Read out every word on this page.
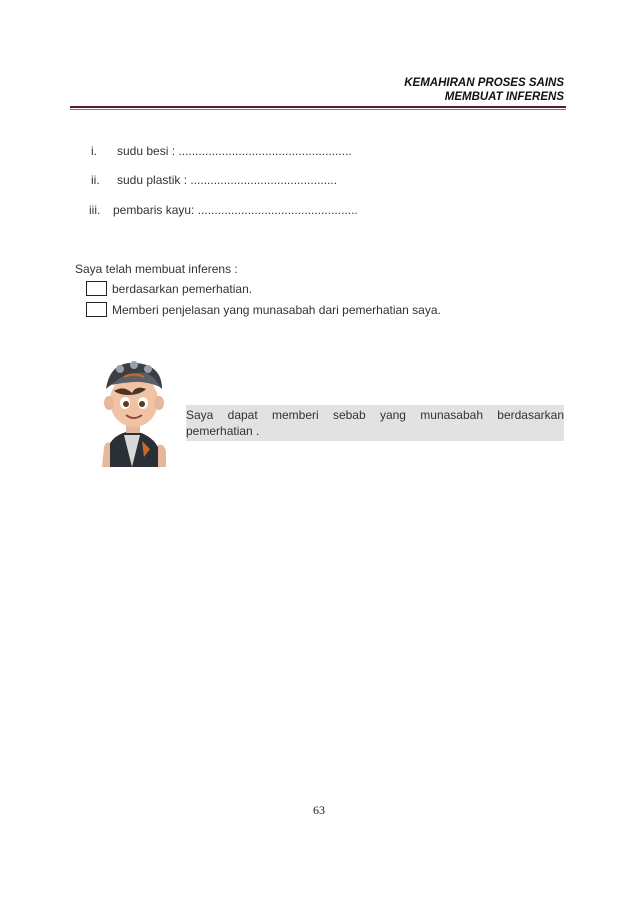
KEMAHIRAN PROSES SAINS
MEMBUAT INFERENS
i. sudu besi : ....................................................
ii. sudu plastik : ............................................
iii. pembaris kayu: ................................................
Saya telah membuat inferens :
berdasarkan pemerhatian.
Memberi penjelasan yang munasabah dari pemerhatian saya.
Saya dapat memberi sebab yang munasabah berdasarkan pemerhatian .
63
